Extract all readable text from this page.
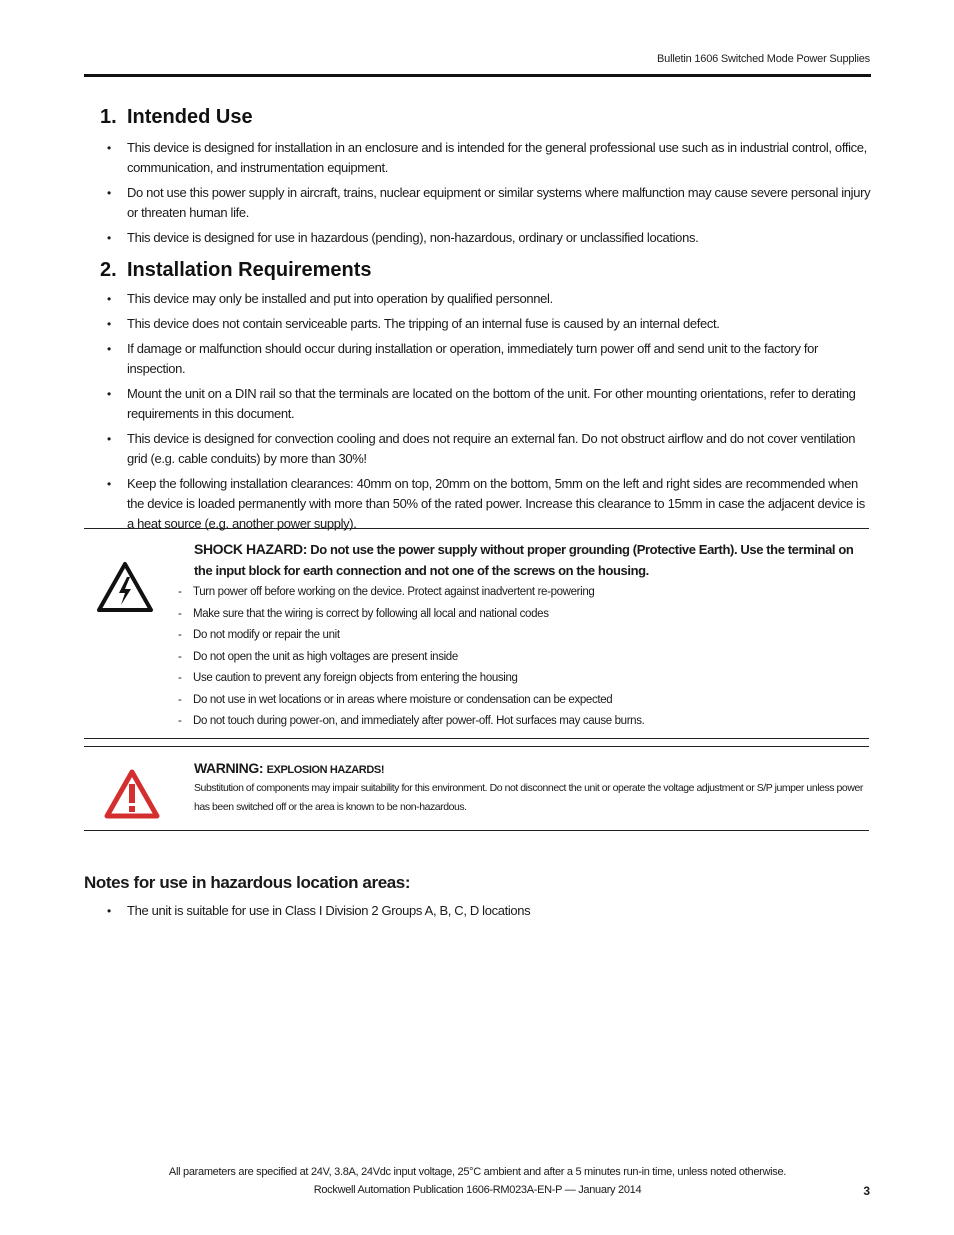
Bulletin 1606 Switched Mode Power Supplies
1. Intended Use
• This device is designed for installation in an enclosure and is intended for the general professional use such as in industrial control, office, communication, and instrumentation equipment.
• Do not use this power supply in aircraft, trains, nuclear equipment or similar systems where malfunction may cause severe personal injury or threaten human life.
• This device is designed for use in hazardous (pending), non-hazardous, ordinary or unclassified locations.
2. Installation Requirements
• This device may only be installed and put into operation by qualified personnel.
• This device does not contain serviceable parts. The tripping of an internal fuse is caused by an internal defect.
• If damage or malfunction should occur during installation or operation, immediately turn power off and send unit to the factory for inspection.
• Mount the unit on a DIN rail so that the terminals are located on the bottom of the unit. For other mounting orientations, refer to derating requirements in this document.
• This device is designed for convection cooling and does not require an external fan. Do not obstruct airflow and do not cover ventilation grid (e.g. cable conduits) by more than 30%!
• Keep the following installation clearances: 40mm on top, 20mm on the bottom, 5mm on the left and right sides are recommended when the device is loaded permanently with more than 50% of the rated power. Increase this clearance to 15mm in case the adjacent device is a heat source (e.g. another power supply).
SHOCK HAZARD: Do not use the power supply without proper grounding (Protective Earth). Use the terminal on the input block for earth connection and not one of the screws on the housing.
- Turn power off before working on the device. Protect against inadvertent re-powering
- Make sure that the wiring is correct by following all local and national codes
- Do not modify or repair the unit
- Do not open the unit as high voltages are present inside
- Use caution to prevent any foreign objects from entering the housing
- Do not use in wet locations or in areas where moisture or condensation can be expected
- Do not touch during power-on, and immediately after power-off. Hot surfaces may cause burns.
WARNING: EXPLOSION HAZARDS!
Substitution of components may impair suitability for this environment. Do not disconnect the unit or operate the voltage adjustment or S/P jumper unless power has been switched off or the area is known to be non-hazardous.
Notes for use in hazardous location areas:
• The unit is suitable for use in Class I Division 2 Groups A, B, C, D locations
All parameters are specified at 24V, 3.8A, 24Vdc input voltage, 25°C ambient and after a 5 minutes run-in time, unless noted otherwise.
Rockwell Automation Publication 1606-RM023A-EN-P — January 2014	3
